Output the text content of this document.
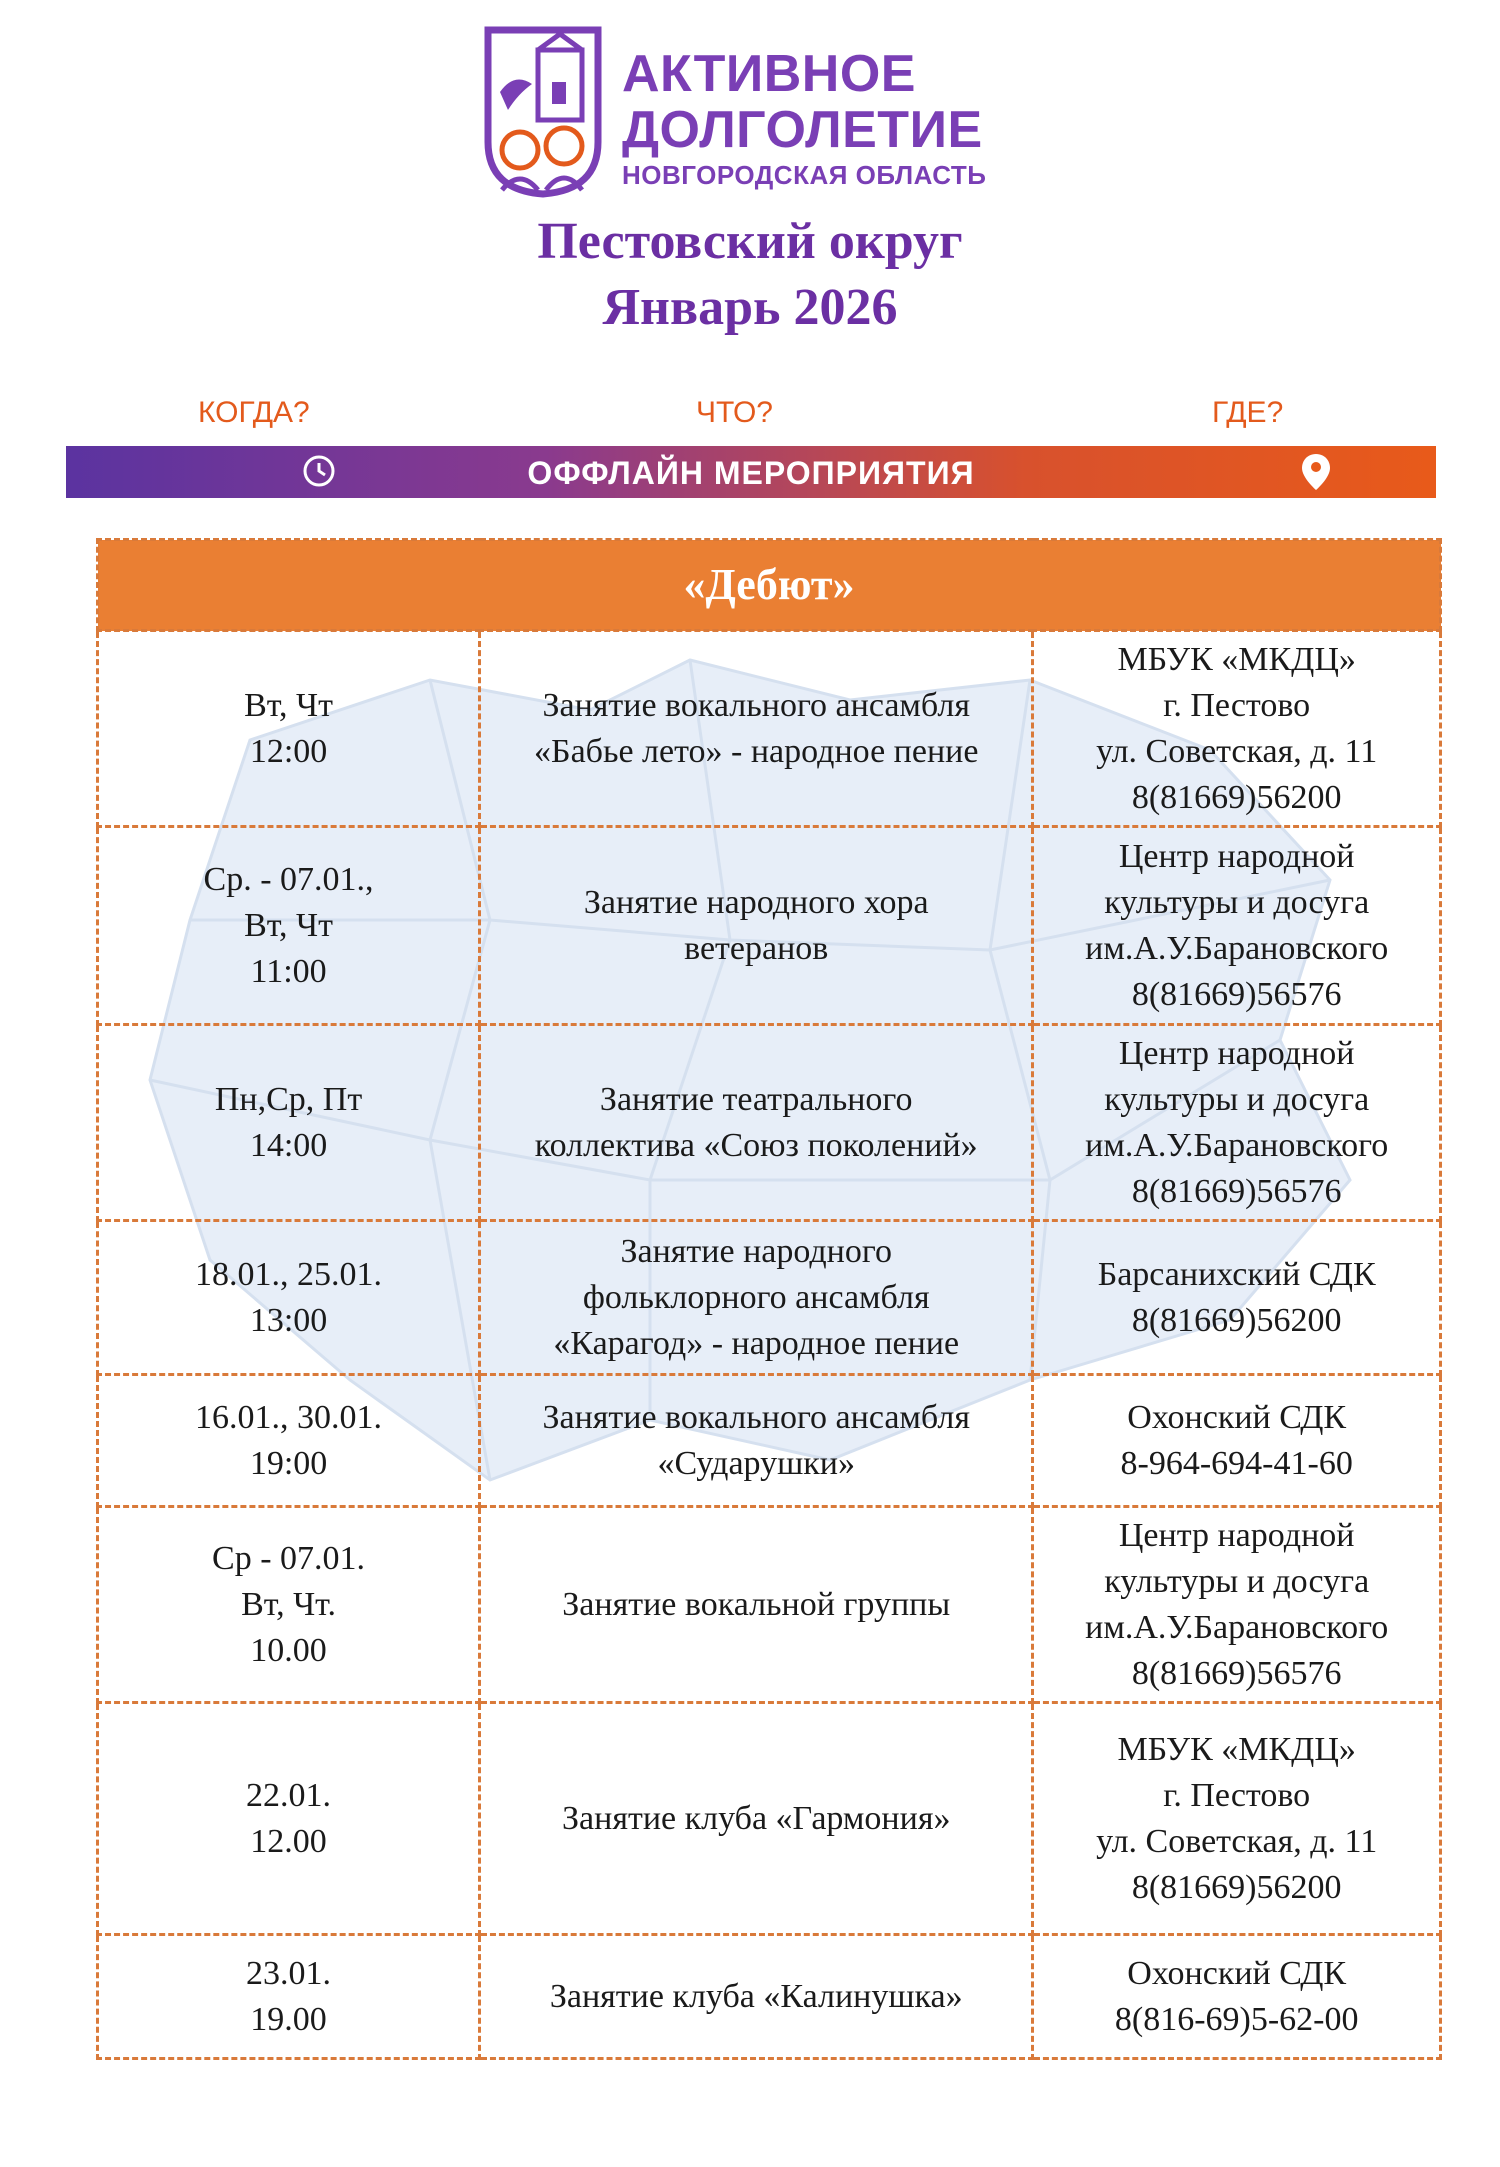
АКТИВНОЕ
ДОЛГОЛЕТИЕ
НОВГОРОДСКАЯ ОБЛАСТЬ
Пестовский округ
Январь 2026
КОГДА?	ЧТО?	ГДЕ?
ОФФЛАЙН МЕРОПРИЯТИЯ
«Дебют»		

Вт, Чт
12:00	Занятие вокального ансамбля
«Бабье лето» - народное пение	МБУК «МКДЦ»
г. Пестово
ул. Советская, д. 11
8(81669)56200

Ср. - 07.01.,
Вт, Чт
11:00	Занятие народного хора
ветеранов	Центр народной
культуры и досуга
им.А.У.Барановского
8(81669)56576

Пн,Ср, Пт
14:00	Занятие театрального
коллектива «Союз поколений»	Центр народной
культуры и досуга
им.А.У.Барановского
8(81669)56576

18.01., 25.01.
13:00	Занятие народного
фольклорного ансамбля
«Карагод» - народное пение	Барсанихский СДК
8(81669)56200

16.01., 30.01.
19:00	Занятие вокального ансамбля
«Сударушки»	Охонский СДК
8-964-694-41-60

Ср - 07.01.
Вт, Чт.
10.00	Занятие вокальной группы	Центр народной
культуры и досуга
им.А.У.Барановского
8(81669)56576

22.01.
12.00	Занятие клуба «Гармония»	МБУК «МКДЦ»
г. Пестово
ул. Советская, д. 11
8(81669)56200

23.01.
19.00	Занятие клуба «Калинушка»	Охонский СДК
8(816-69)5-62-00
